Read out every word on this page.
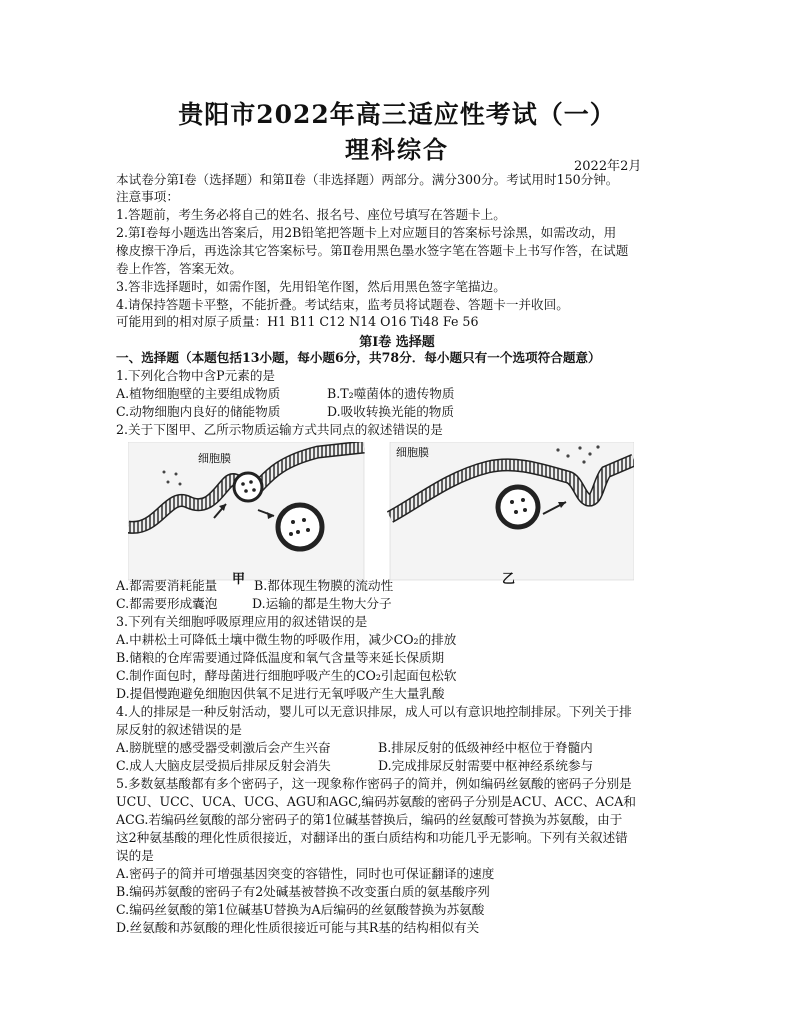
贵阳市2022年高三适应性考试（一）
理科综合
2022年2月
本试卷分第Ⅰ卷（选择题）和第Ⅱ卷（非选择题）两部分。满分300分。考试用时150分钟。
注意事项：
1.答题前，考生务必将自己的姓名、报名号、座位号填写在答题卡上。
2.第Ⅰ卷每小题选出答案后，用2B铅笔把答题卡上对应题目的答案标号涂黑，如需改动，用
橡皮擦干净后，再选涂其它答案标号。第Ⅱ卷用黑色墨水签字笔在答题卡上书写作答，在试题
卷上作答，答案无效。
3.答非选择题时，如需作图，先用铅笔作图，然后用黑色签字笔描边。
4.请保持答题卡平整，不能折叠。考试结束，监考员将试题卷、答题卡一并收回。
可能用到的相对原子质量：H1 B11 C12 N14 O16 Ti48 Fe 56
第Ⅰ卷 选择题
一、选择题（本题包括13小题，每小题6分，共78分．每小题只有一个选项符合题意）
1.下列化合物中含P元素的是
A.植物细胞壁的主要组成物质	B.T₂噬菌体的遗传物质
C.动物细胞内良好的储能物质	D.吸收转换光能的物质
2.关于下图甲、乙所示物质运输方式共同点的叙述错误的是
细胞膜	细胞膜
甲	乙
A.都需要消耗能量	B.都体现生物膜的流动性
C.都需要形成囊泡	D.运输的都是生物大分子
3.下列有关细胞呼吸原理应用的叙述错误的是
A.中耕松土可降低土壤中微生物的呼吸作用，减少CO₂的排放
B.储粮的仓库需要通过降低温度和氧气含量等来延长保质期
C.制作面包时，酵母菌进行细胞呼吸产生的CO₂引起面包松软
D.提倡慢跑避免细胞因供氧不足进行无氧呼吸产生大量乳酸
4.人的排尿是一种反射活动，婴儿可以无意识排尿，成人可以有意识地控制排尿。下列关于排
尿反射的叙述错误的是
A.膀胱壁的感受器受刺激后会产生兴奋	B.排尿反射的低级神经中枢位于脊髓内
C.成人大脑皮层受损后排尿反射会消失	D.完成排尿反射需要中枢神经系统参与
5.多数氨基酸都有多个密码子，这一现象称作密码子的简并，例如编码丝氨酸的密码子分别是
UCU、UCC、UCA、UCG、AGU和AGC,编码苏氨酸的密码子分别是ACU、ACC、ACA和
ACG.若编码丝氨酸的部分密码子的第1位碱基替换后，编码的丝氨酸可替换为苏氨酸，由于
这2种氨基酸的理化性质很接近，对翻译出的蛋白质结构和功能几乎无影响。下列有关叙述错
误的是
A.密码子的简并可增强基因突变的容错性，同时也可保证翻译的速度
B.编码苏氨酸的密码子有2处碱基被替换不改变蛋白质的氨基酸序列
C.编码丝氨酸的第1位碱基U替换为A后编码的丝氨酸替换为苏氨酸
D.丝氨酸和苏氨酸的理化性质很接近可能与其R基的结构相似有关
